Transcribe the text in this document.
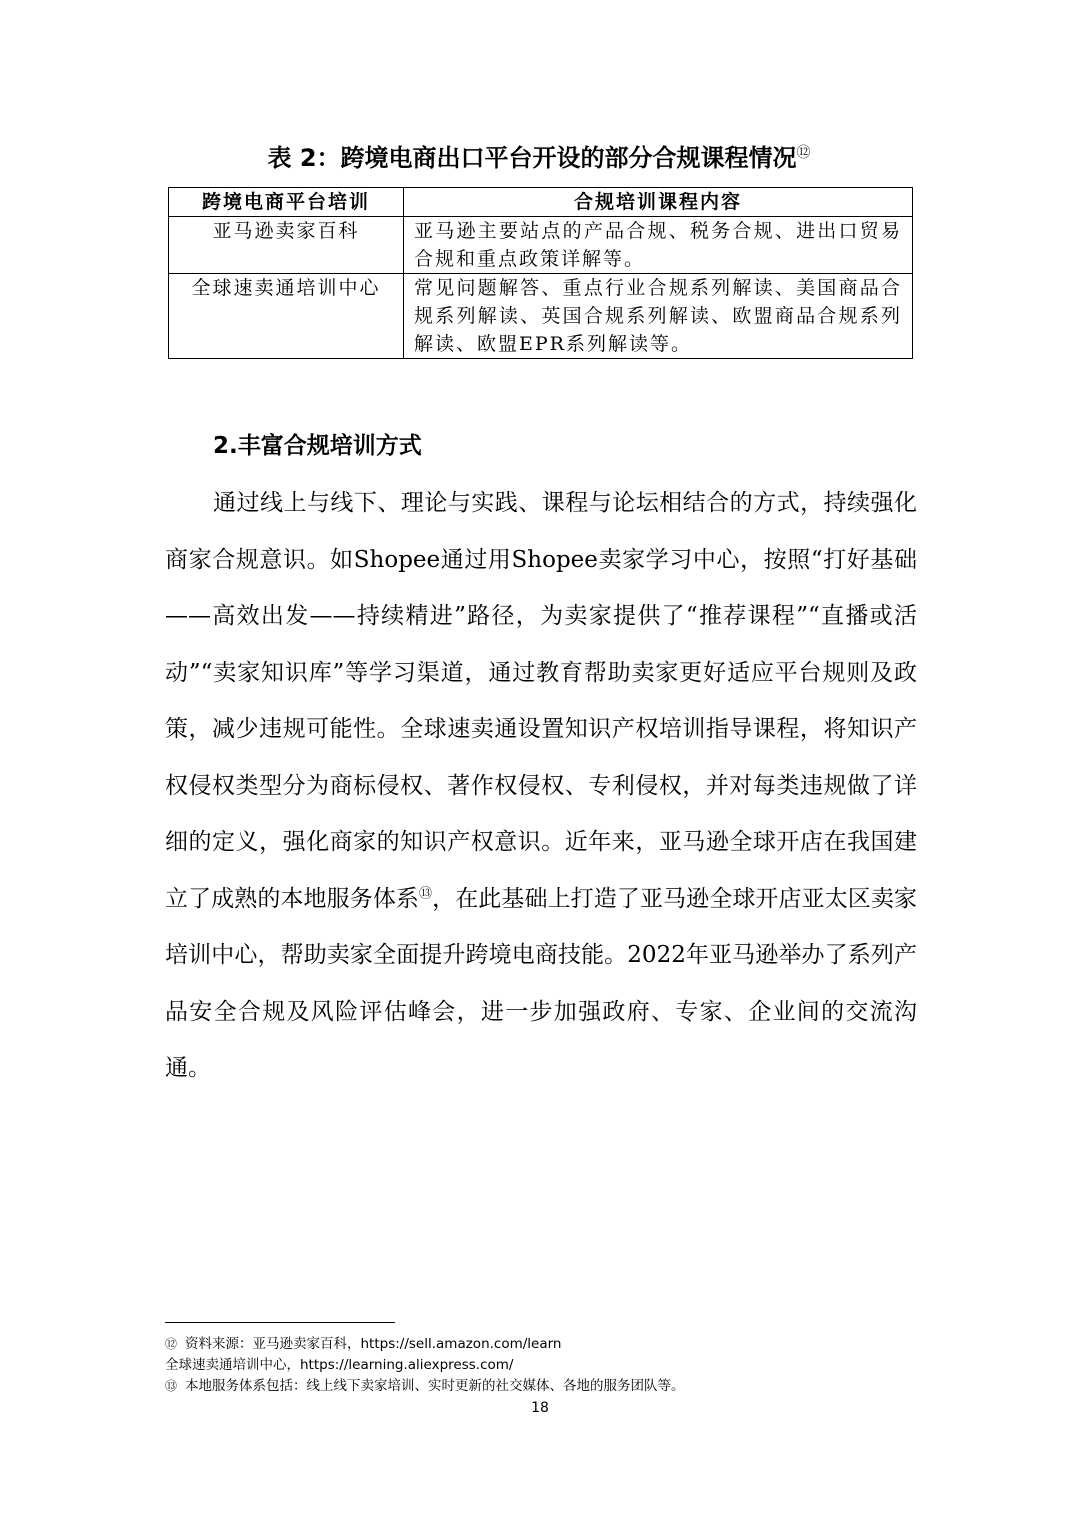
表 2：跨境电商出口平台开设的部分合规课程情况⑫
跨境电商平台培训	合规培训课程内容
亚马逊卖家百科	亚马逊主要站点的产品合规、税务合规、进出口贸易合规和重点政策详解等。
全球速卖通培训中心	常见问题解答、重点行业合规系列解读、美国商品合规系列解读、英国合规系列解读、欧盟商品合规系列解读、欧盟EPR系列解读等。
2.丰富合规培训方式

通过线上与线下、理论与实践、课程与论坛相结合的方式，持续强化商家合规意识。如Shopee通过用Shopee卖家学习中心，按照“打好基础——高效出发——持续精进”路径，为卖家提供了“推荐课程”“直播或活动”“卖家知识库”等学习渠道，通过教育帮助卖家更好适应平台规则及政策，减少违规可能性。全球速卖通设置知识产权培训指导课程，将知识产权侵权类型分为商标侵权、著作权侵权、专利侵权，并对每类违规做了详细的定义，强化商家的知识产权意识。近年来，亚马逊全球开店在我国建立了成熟的本地服务体系⑬，在此基础上打造了亚马逊全球开店亚太区卖家培训中心，帮助卖家全面提升跨境电商技能。2022年亚马逊举办了系列产品安全合规及风险评估峰会，进一步加强政府、专家、企业间的交流沟通。

⑫ 资料来源：亚马逊卖家百科，https://sell.amazon.com/learn
全球速卖通培训中心，https://learning.aliexpress.com/
⑬ 本地服务体系包括：线上线下卖家培训、实时更新的社交媒体、各地的服务团队等。
18
